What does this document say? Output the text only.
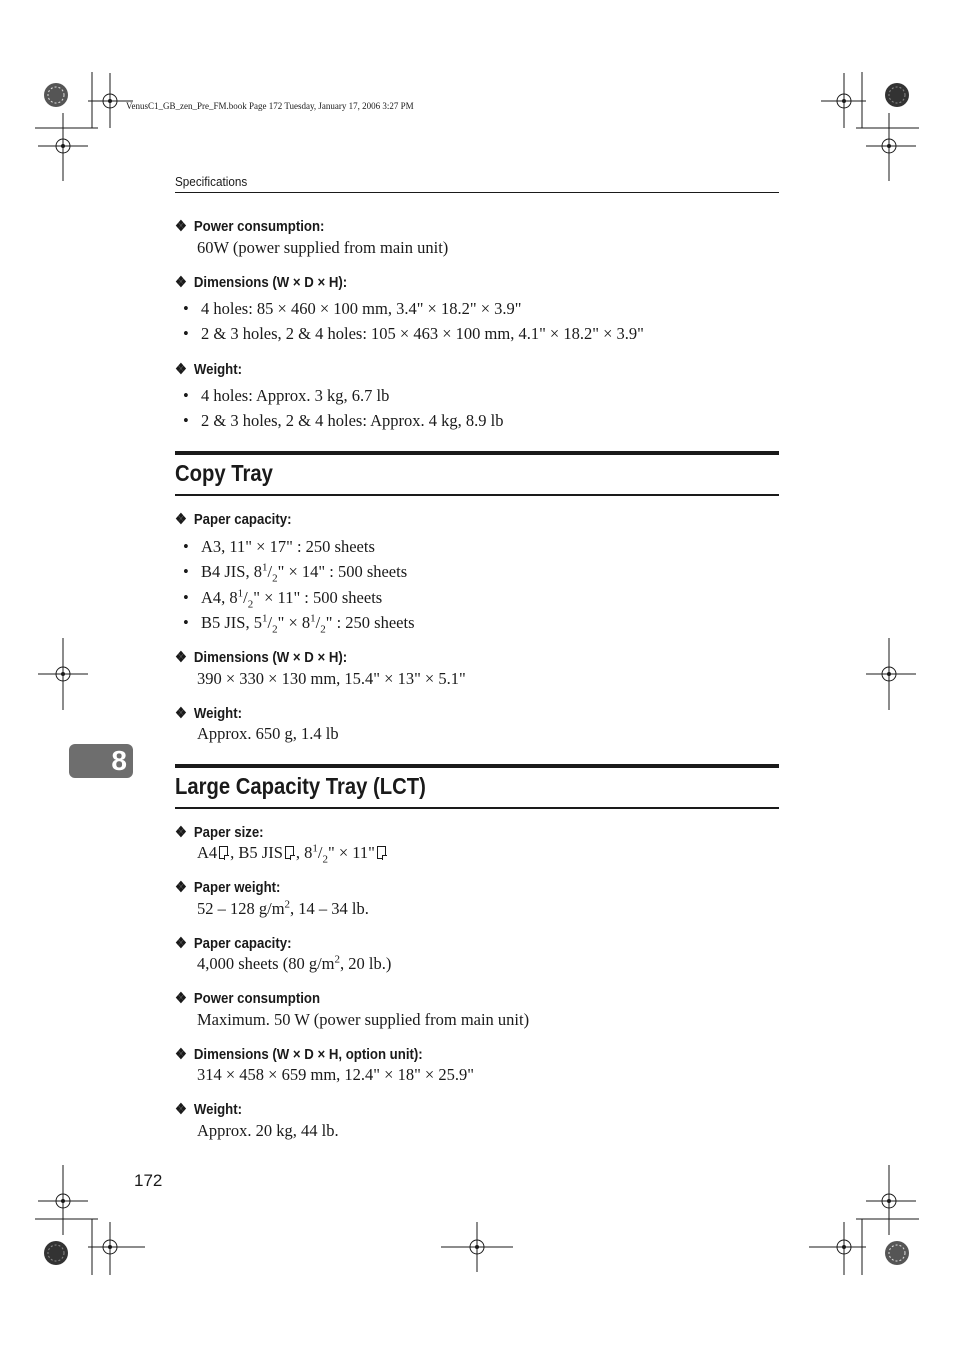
VenusC1_GB_zen_Pre_FM.book Page 172 Tuesday, January 17, 2006 3:27 PM
Specifications
8
❖ Power consumption:
60W (power supplied from main unit)
❖ Dimensions (W × D × H):
• 4 holes: 85 × 460 × 100 mm, 3.4" × 18.2" × 3.9"
• 2 & 3 holes, 2 & 4 holes: 105 × 463 × 100 mm, 4.1" × 18.2" × 3.9"
❖ Weight:
• 4 holes: Approx. 3 kg, 6.7 lb
• 2 & 3 holes, 2 & 4 holes: Approx. 4 kg, 8.9 lb
Copy Tray
❖ Paper capacity:
• A3, 11" × 17" : 250 sheets
• B4 JIS, $8^1/_2$" × 14" : 500 sheets
• A4, $8^1/_2$" × 11" : 500 sheets
• B5 JIS, $5^1/_2$" × $8^1/_2$" : 250 sheets
❖ Dimensions (W × D × H):
390 × 330 × 130 mm, 15.4" × 13" × 5.1"
❖ Weight:
Approx. 650 g, 1.4 lb
Large Capacity Tray (LCT)
❖ Paper size:
A4 , B5 JIS , $8^1/_2$" × 11"
❖ Paper weight:
52 – 128 $g/m^2$, 14 – 34 lb.
❖ Paper capacity:
4,000 sheets (80 $g/m^2$, 20 lb.)
❖ Power consumption
Maximum. 50 W (power supplied from main unit)
❖ Dimensions (W × D × H, option unit):
314 × 458 × 659 mm, 12.4" × 18" × 25.9"
❖ Weight:
Approx. 20 kg, 44 lb.
172
